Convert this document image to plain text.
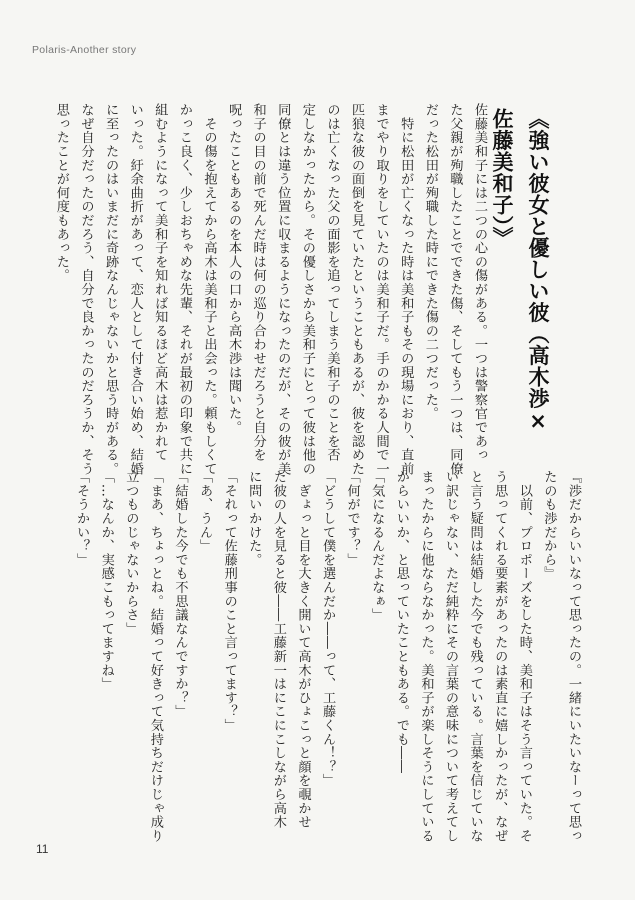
Polaris-Another story
《強い彼女と優しい彼（高木渉×佐藤美和子）》

佐藤美和子には二つの心の傷がある。一つは警察官であっ

た父親が殉職したことでできた傷、そしてもう一つは、同僚

だった松田が殉職した時にできた傷の二つだった。

　特に松田が亡くなった時は美和子もその現場におり、直前

までやり取りをしていたのは美和子だ。手のかかる人間で一

匹狼な彼の面倒を見ていたということもあるが、彼を認めた

のは亡くなった父の面影を追ってしまう美和子のことを否

定しなかったから。その優しさから美和子にとって彼は他の

同僚とは違う位置に収まるようになったのだが、その彼が美

和子の目の前で死んだ時は何の巡り合わせだろうと自分を

呪ったこともあるのを本人の口から高木渉は聞いた。

　その傷を抱えてから高木は美和子と出会った。頼もしくて

かっこ良く、少しおちゃめな先輩、それが最初の印象で共に

組むようになって美和子を知れば知るほど高木は惹かれて

いった。紆余曲折があって、恋人として付き合い始め、結婚

に至ったのはいまだに奇跡なんじゃないかと思う時がある。

なぜ自分だったのだろう、自分で良かったのだろうか、そう

思ったことが何度もあった。

『渉だからいいなって思ったの。一緒にいたいなーって思っ

たのも渉だから』

　以前、プロポーズをした時、美和子はそう言っていた。そ

う思ってくれる要素があったのは素直に嬉しかったが、なぜ

と言う疑問は結婚した今でも残っている。言葉を信じていな

い訳じゃない、ただ純粋にその言葉の意味について考えてし

まったからに他ならなかった。美和子が楽しそうにしている

からいいか、と思っていたこともある。でも――

「気になるんだよなぁ」

「何がです？」

「どうして僕を選んだか――って、工藤くん！？」

　ぎょっと目を大きく開いて高木がひょこっと顔を覗かせ

た彼の人を見ると彼――工藤新一はにこにこしながら高木

に問いかけた。

「それって佐藤刑事のこと言ってます？」

「あ、うん」

「結婚した今でも不思議なんですか？」

「まあ、ちょっとね。結婚って好きって気持ちだけじゃ成り

立つものじゃないからさ」

「…なんか、実感こもってますね」

「そうかい？」

11
